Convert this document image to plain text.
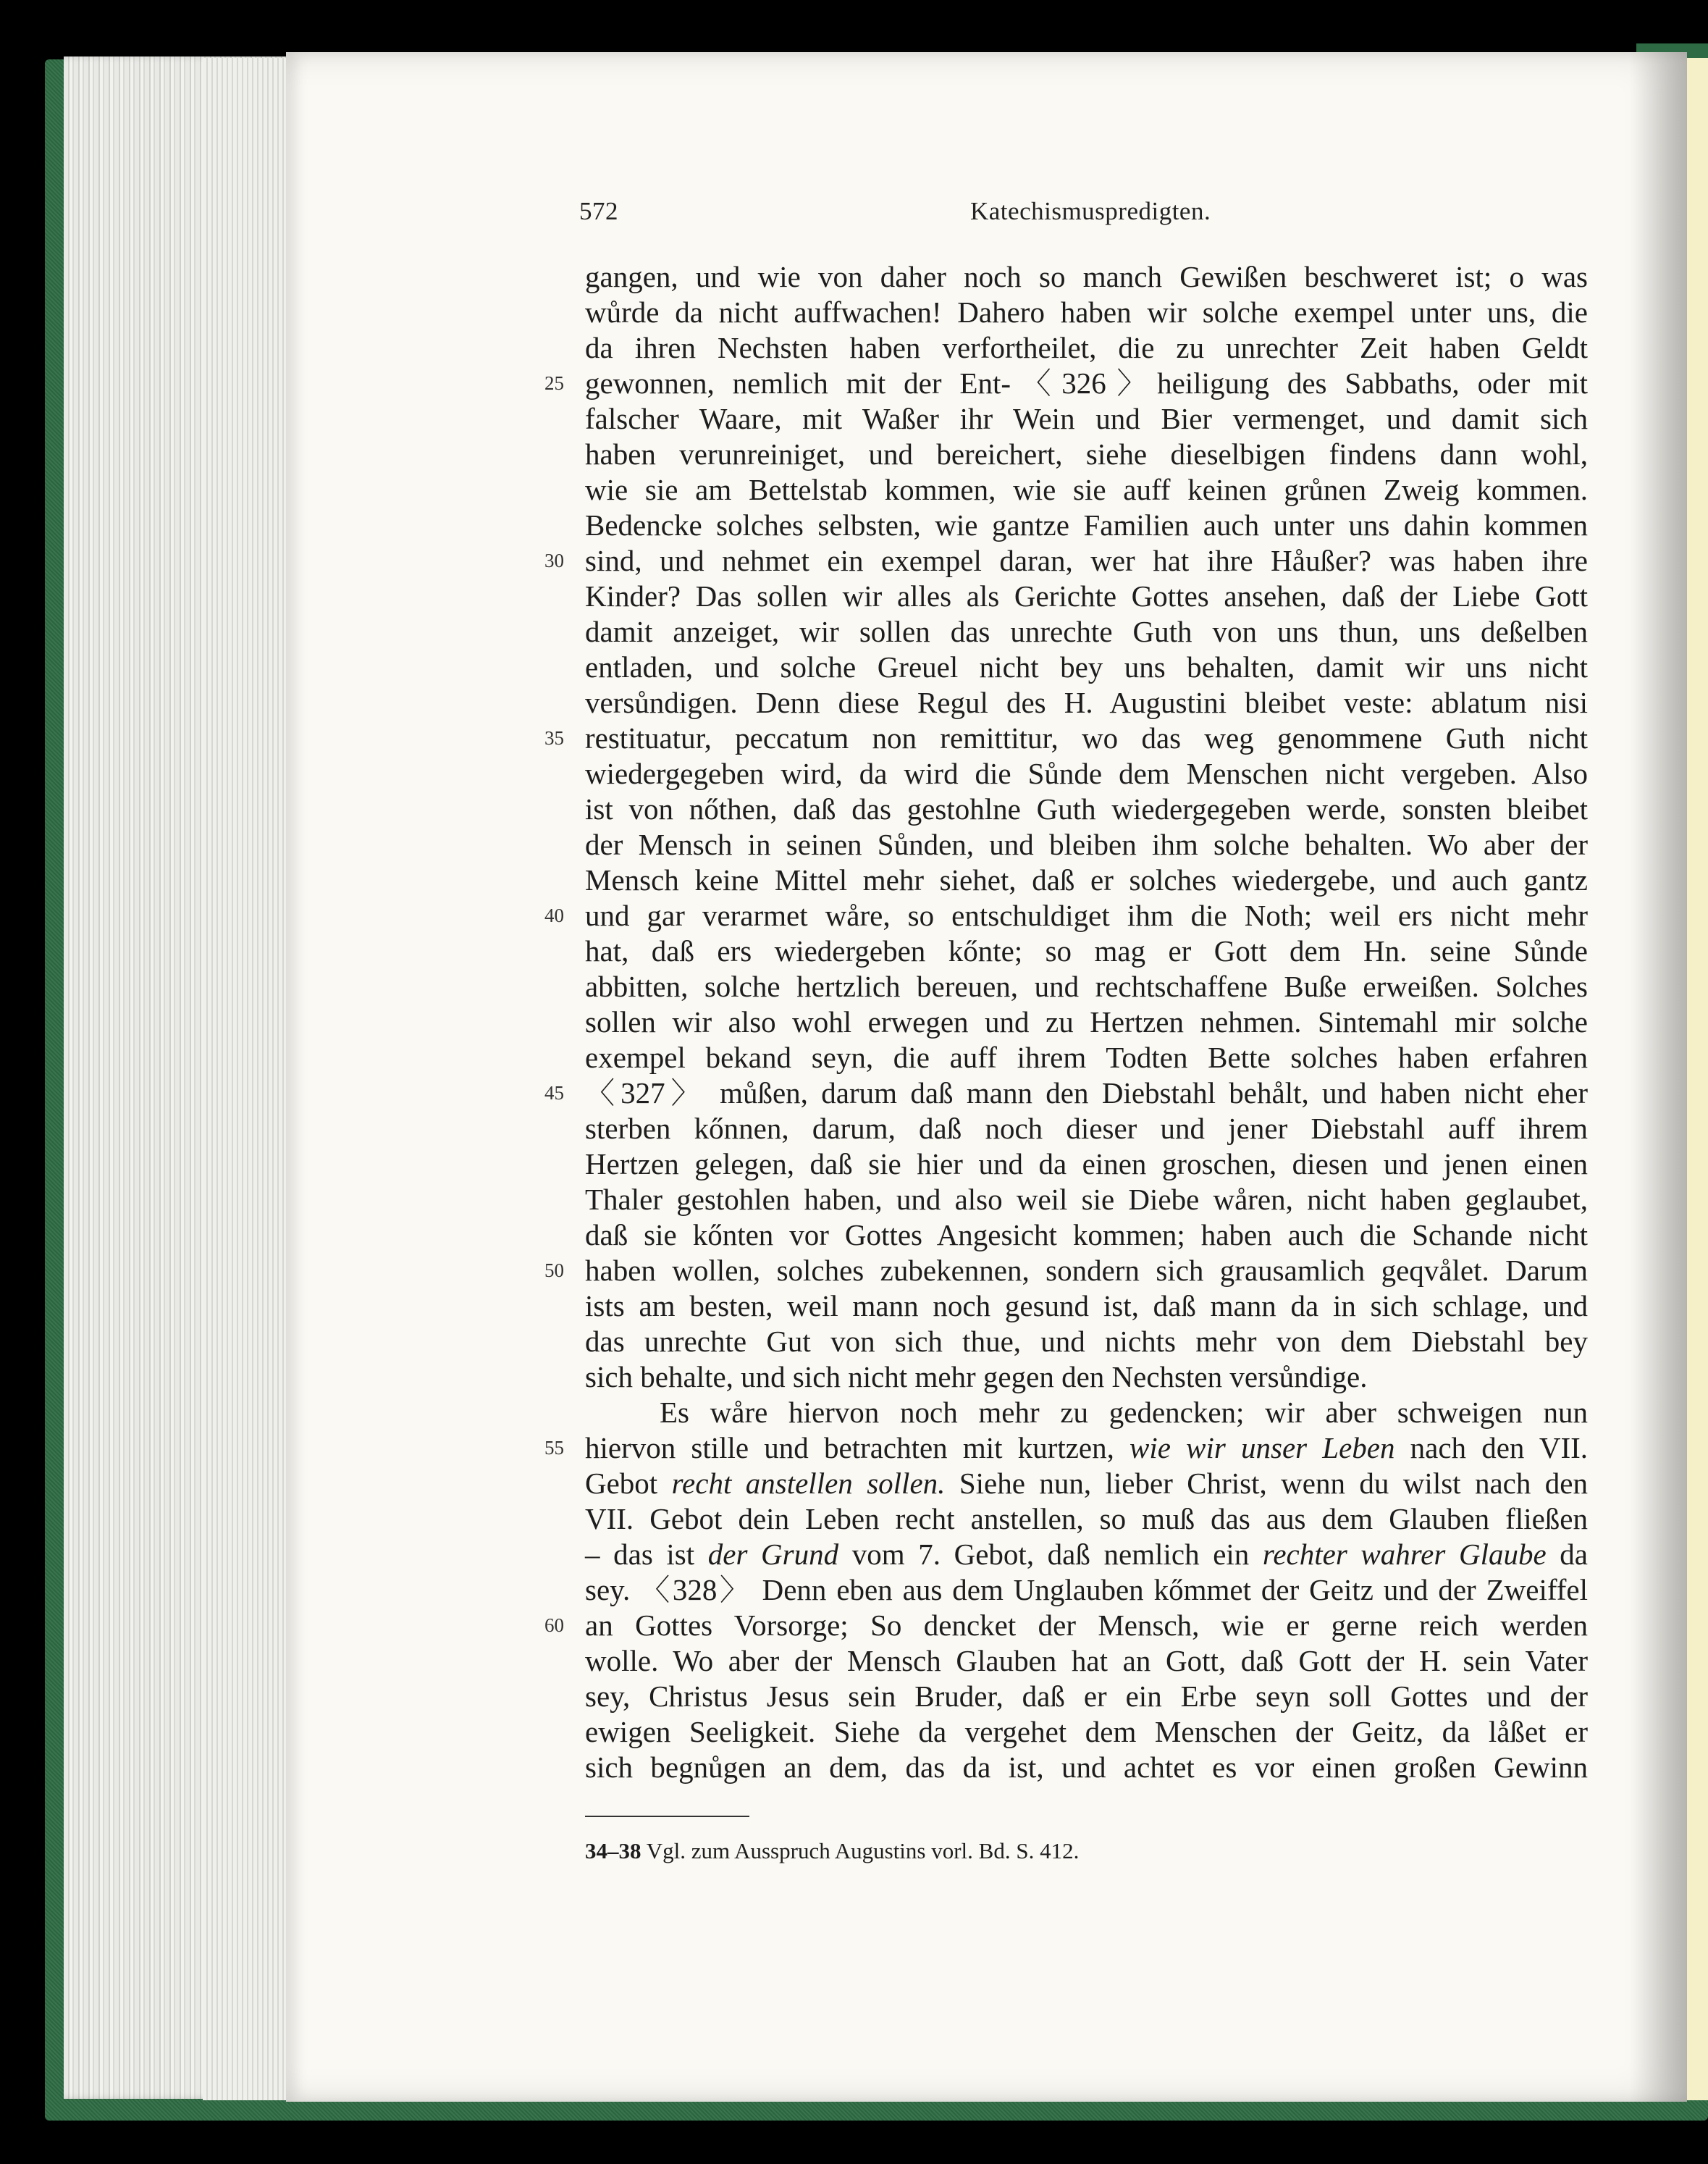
572	Katechismuspredigten.
gangen, und wie von daher noch so manch Gewißen beschweret ist; o was
wůrde da nicht auffwachen! Dahero haben wir solche exempel unter uns, die
da ihren Nechsten haben verfortheilet, die zu unrechter Zeit haben Geldt
25 gewonnen, nemlich mit der Ent-〈326〉heiligung des Sabbaths, oder mit
falscher Waare, mit Waßer ihr Wein und Bier vermenget, und damit sich
haben verunreiniget, und bereichert, siehe dieselbigen findens dann wohl,
wie sie am Bettelstab kommen, wie sie auff keinen grůnen Zweig kommen.
Bedencke solches selbsten, wie gantze Familien auch unter uns dahin kommen
30 sind, und nehmet ein exempel daran, wer hat ihre Håußer? was haben ihre
Kinder? Das sollen wir alles als Gerichte Gottes ansehen, daß der Liebe Gott
damit anzeiget, wir sollen das unrechte Guth von uns thun, uns deßelben
entladen, und solche Greuel nicht bey uns behalten, damit wir uns nicht
versůndigen. Denn diese Regul des H. Augustini bleibet veste: ablatum nisi
35 restituatur, peccatum non remittitur, wo das weg genommene Guth nicht
wiedergegeben wird, da wird die Sůnde dem Menschen nicht vergeben. Also
ist von nőthen, daß das gestohlne Guth wiedergegeben werde, sonsten bleibet
der Mensch in seinen Sůnden, und bleiben ihm solche behalten. Wo aber der
Mensch keine Mittel mehr siehet, daß er solches wiedergebe, und auch gantz
40 und gar verarmet wåre, so entschuldiget ihm die Noth; weil ers nicht mehr
hat, daß ers wiedergeben kőnte; so mag er Gott dem Hn. seine Sůnde
abbitten, solche hertzlich bereuen, und rechtschaffene Buße erweißen. Solches
sollen wir also wohl erwegen und zu Hertzen nehmen. Sintemahl mir solche
exempel bekand seyn, die auff ihrem Todten Bette solches haben erfahren
45 〈327〉 můßen, darum daß mann den Diebstahl behålt, und haben nicht eher
sterben kőnnen, darum, daß noch dieser und jener Diebstahl auff ihrem
Hertzen gelegen, daß sie hier und da einen groschen, diesen und jenen einen
Thaler gestohlen haben, und also weil sie Diebe wåren, nicht haben geglaubet,
daß sie kőnten vor Gottes Angesicht kommen; haben auch die Schande nicht
50 haben wollen, solches zubekennen, sondern sich grausamlich geqvålet. Darum
ists am besten, weil mann noch gesund ist, daß mann da in sich schlage, und
das unrechte Gut von sich thue, und nichts mehr von dem Diebstahl bey
sich behalte, und sich nicht mehr gegen den Nechsten versůndige.
Es wåre hiervon noch mehr zu gedencken; wir aber schweigen nun
55 hiervon stille und betrachten mit kurtzen, wie wir unser Leben nach den VII.
Gebot recht anstellen sollen. Siehe nun, lieber Christ, wenn du wilst nach den
VII. Gebot dein Leben recht anstellen, so muß das aus dem Glauben fließen
– das ist der Grund vom 7. Gebot, daß nemlich ein rechter wahrer Glaube da
sey. 〈328〉 Denn eben aus dem Unglauben kőmmet der Geitz und der Zweiffel
60 an Gottes Vorsorge; So dencket der Mensch, wie er gerne reich werden
wolle. Wo aber der Mensch Glauben hat an Gott, daß Gott der H. sein Vater
sey, Christus Jesus sein Bruder, daß er ein Erbe seyn soll Gottes und der
ewigen Seeligkeit. Siehe da vergehet dem Menschen der Geitz, da låßet er
sich begnůgen an dem, das da ist, und achtet es vor einen großen Gewinn
34–38 Vgl. zum Ausspruch Augustins vorl. Bd. S. 412.
